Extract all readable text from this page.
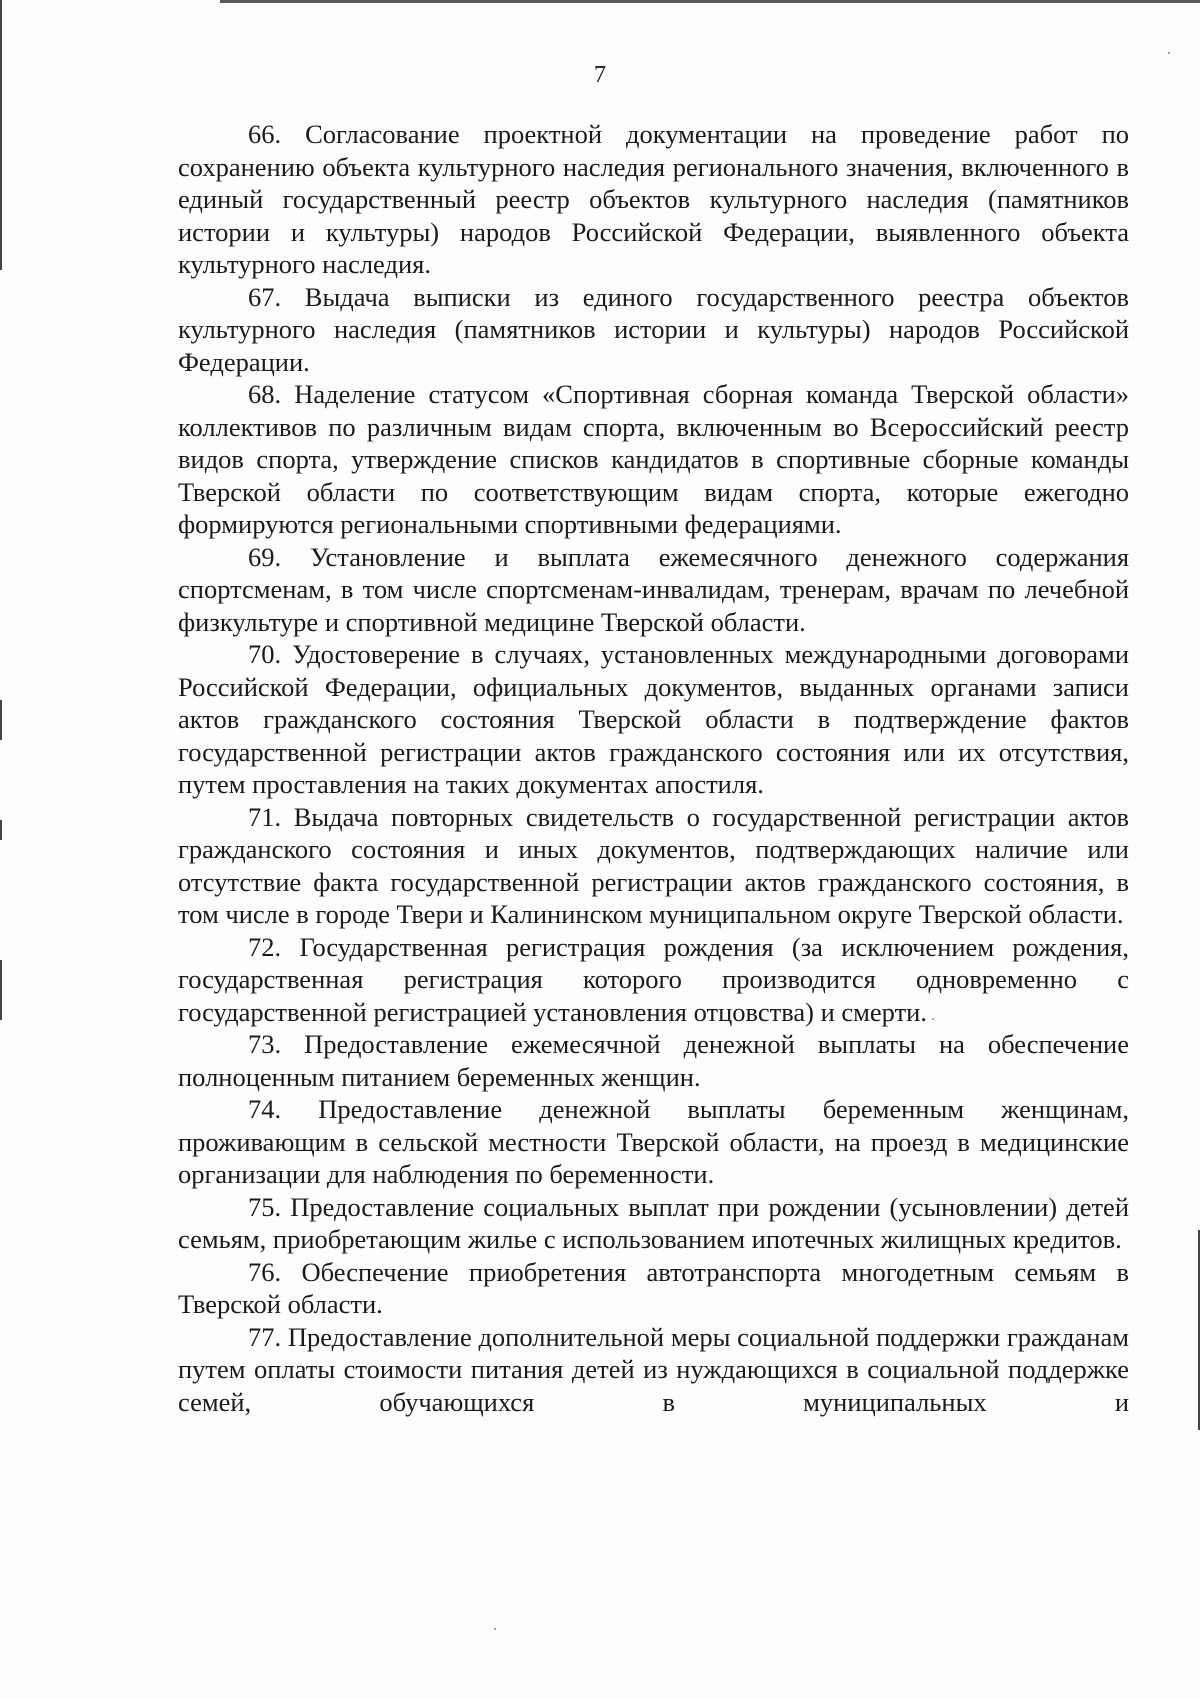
7

66. Согласование проектной документации на проведение работ по сохранению объекта культурного наследия регионального значения, включенного в единый государственный реестр объектов культурного наследия (памятников истории и культуры) народов Российской Федерации, выявленного объекта культурного наследия.

67. Выдача выписки из единого государственного реестра объектов культурного наследия (памятников истории и культуры) народов Российской Федерации.

68. Наделение статусом «Спортивная сборная команда Тверской области» коллективов по различным видам спорта, включенным во Всероссийский реестр видов спорта, утверждение списков кандидатов в спортивные сборные команды Тверской области по соответствующим видам спорта, которые ежегодно формируются региональными спортивными федерациями.

69. Установление и выплата ежемесячного денежного содержания спортсменам, в том числе спортсменам-инвалидам, тренерам, врачам по лечебной физкультуре и спортивной медицине Тверской области.

70. Удостоверение в случаях, установленных международными договорами Российской Федерации, официальных документов, выданных органами записи актов гражданского состояния Тверской области в подтверждение фактов государственной регистрации актов гражданского состояния или их отсутствия, путем проставления на таких документах апостиля.

71. Выдача повторных свидетельств о государственной регистрации актов гражданского состояния и иных документов, подтверждающих наличие или отсутствие факта государственной регистрации актов гражданского состояния, в том числе в городе Твери и Калининском муниципальном округе Тверской области.

72. Государственная регистрация рождения (за исключением рождения, государственная регистрация которого производится одновременно с государственной регистрацией установления отцовства) и смерти.

73. Предоставление ежемесячной денежной выплаты на обеспечение полноценным питанием беременных женщин.

74. Предоставление денежной выплаты беременным женщинам, проживающим в сельской местности Тверской области, на проезд в медицинские организации для наблюдения по беременности.

75. Предоставление социальных выплат при рождении (усыновлении) детей семьям, приобретающим жилье с использованием ипотечных жилищных кредитов.

76. Обеспечение приобретения автотранспорта многодетным семьям в Тверской области.

77. Предоставление дополнительной меры социальной поддержки гражданам путем оплаты стоимости питания детей из нуждающихся в социальной поддержке семей, обучающихся в муниципальных и
